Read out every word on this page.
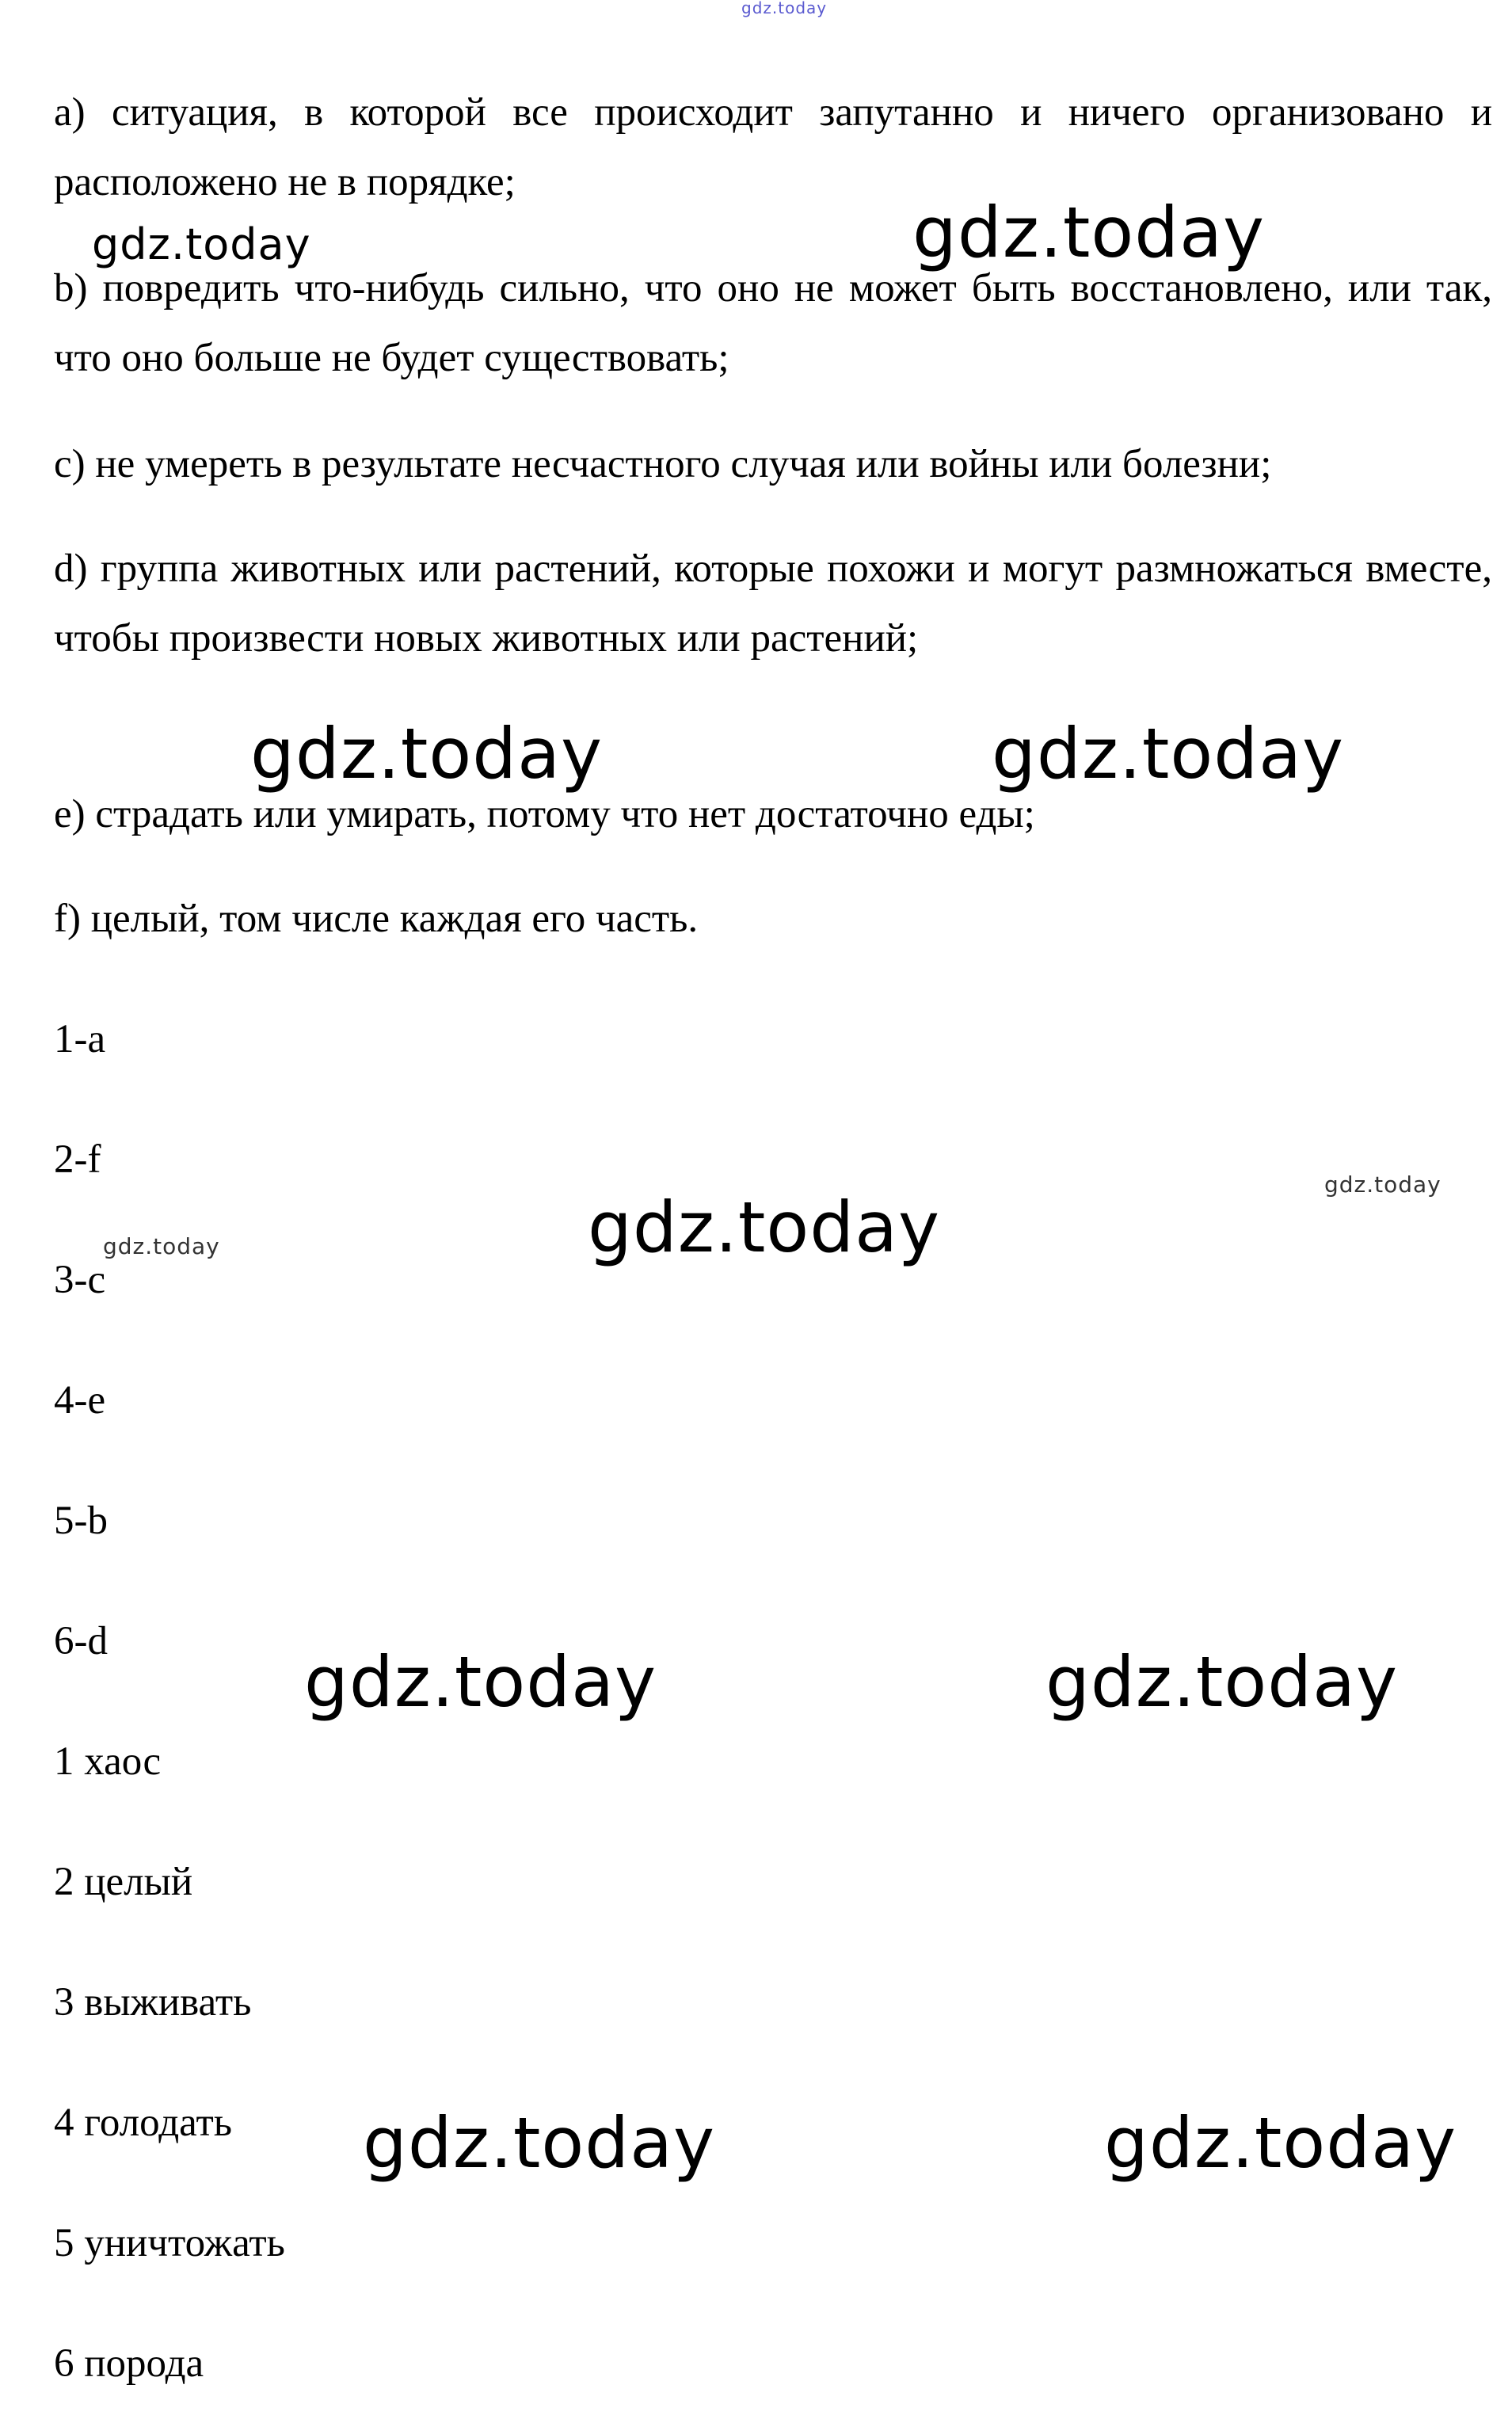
gdz.today

a) ситуация, в которой все происходит запутанно и ничего организовано и расположено не в порядке;

b) повредить что-нибудь сильно, что оно не может быть восстановлено, или так, что оно больше не будет существовать;

c) не умереть в результате несчастного случая или войны или болезни;

d) группа животных или растений, которые похожи и могут размножаться вместе, чтобы произвести новых животных или растений;

e) страдать или умирать, потому что нет достаточно еды;

f) целый, том числе каждая его часть.

1-a
2-f
3-c
4-e
5-b
6-d
1 хаос
2 целый
3 выживать
4 голодать
5 уничтожать
6 порода
gdz.today	gdz.today
gdz.today	gdz.today
gdz.today
gdz.today
gdz.today
gdz.today	gdz.today
gdz.today	gdz.today
